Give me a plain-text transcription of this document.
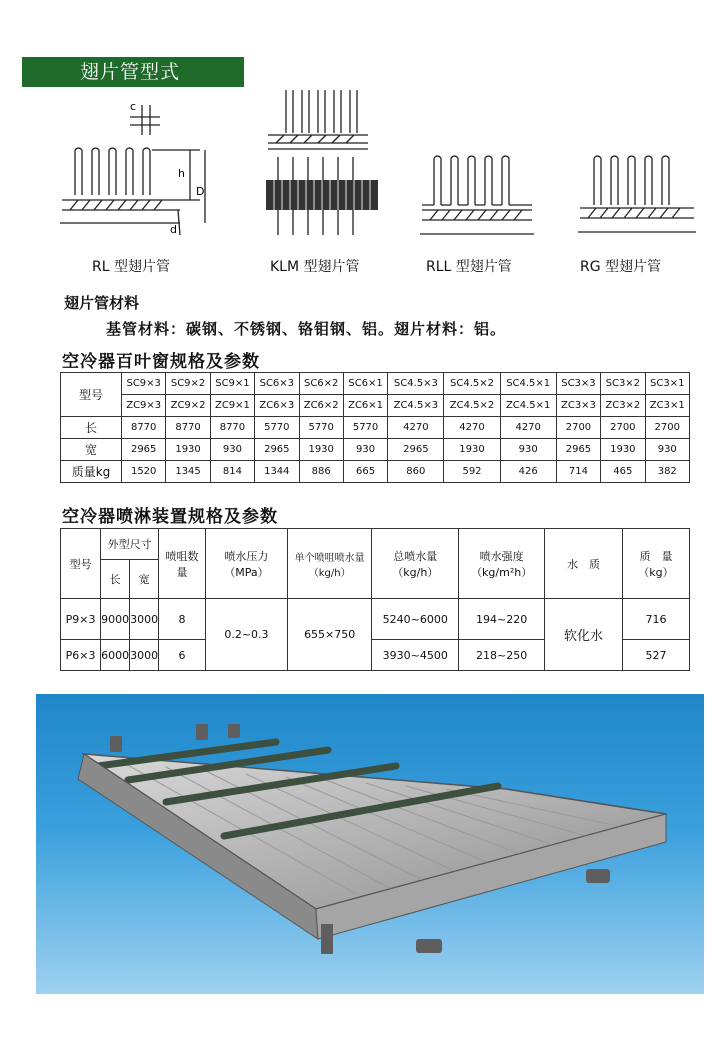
翅片管型式
c
h
D
d
RL 型翅片管	KLM 型翅片管	RLL 型翅片管	RG 型翅片管
翅片管材料
基管材料：碳钢、不锈钢、铬钼钢、铝。翅片材料：铝。
空冷器百叶窗规格及参数
型号	SC9×3	SC9×2	SC9×1	SC6×3	SC6×2	SC6×1	SC4.5×3	SC4.5×2	SC4.5×1	SC3×3	SC3×2	SC3×1
	ZC9×3	ZC9×2	ZC9×1	ZC6×3	ZC6×2	ZC6×1	ZC4.5×3	ZC4.5×2	ZC4.5×1	ZC3×3	ZC3×2	ZC3×1
长	8770	8770	8770	5770	5770	5770	4270	4270	4270	2700	2700	2700
宽	2965	1930	930	2965	1930	930	2965	1930	930	2965	1930	930
质量kg	1520	1345	814	1344	886	665	860	592	426	714	465	382
空冷器喷淋装置规格及参数
型号	外型尺寸		喷咀数量	喷水压力（MPa）	单个喷咀喷水量（kg/h）	总喷水量（kg/h）	喷水强度（kg/m²h）	水　质	质　量（kg）
	长	宽							
P9×3	9000	3000	8	0.2~0.3	655×750	5240~6000	194~220	软化水	716
P6×3	6000	3000	6			3930~4500	218~250		527
